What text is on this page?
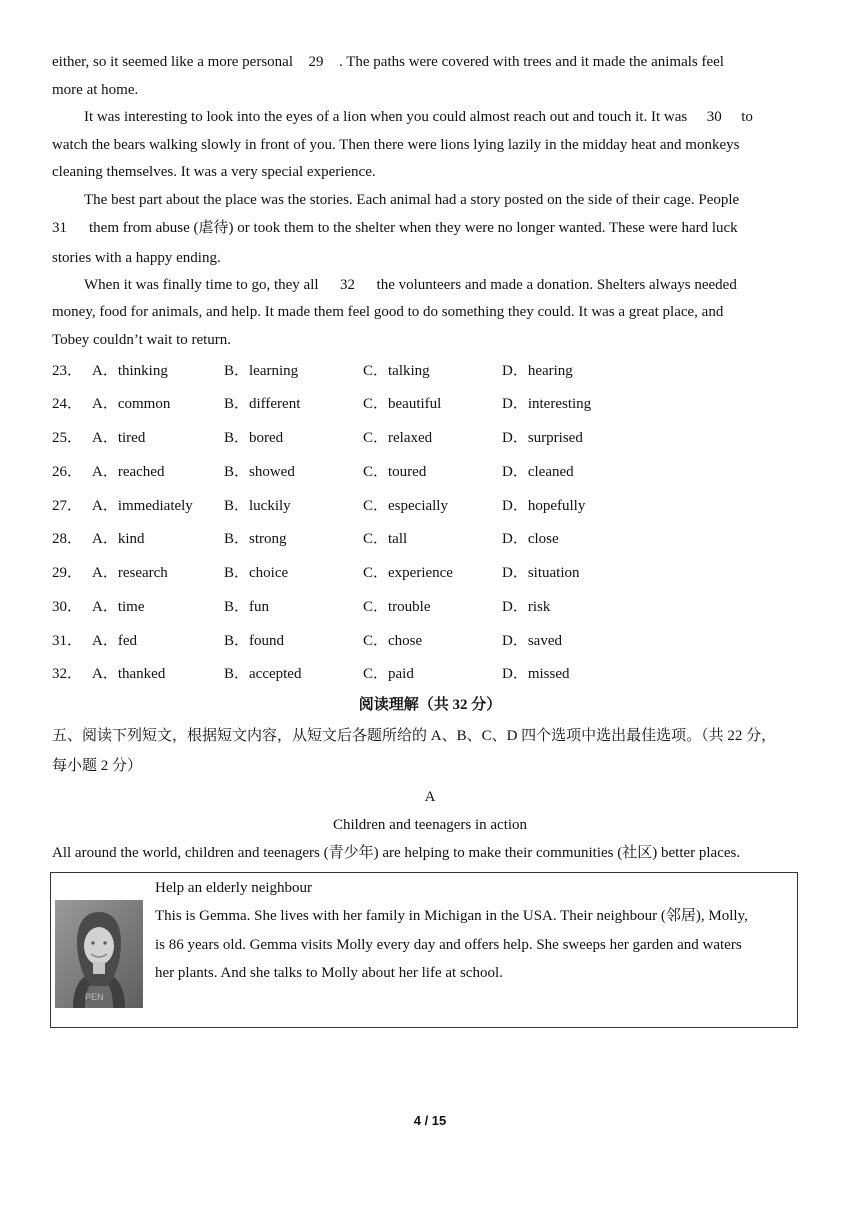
either, so it seemed like a more personal 29 . The paths were covered with trees and it made the animals feel
more at home.
It was interesting to look into the eyes of a lion when you could almost reach out and touch it. It was 30 to
watch the bears walking slowly in front of you. Then there were lions lying lazily in the midday heat and monkeys
cleaning themselves. It was a very special experience.
The best part about the place was the stories. Each animal had a story posted on the side of their cage. People
31 them from abuse (虐待) or took them to the shelter when they were no longer wanted. These were hard luck
stories with a happy ending.
When it was finally time to go, they all 32 the volunteers and made a donation. Shelters always needed
money, food for animals, and help. It made them feel good to do something they could. It was a great place, and
Tobey couldn’t wait to return.
23． A．thinking	B．learning	C．talking	D．hearing
24． A．common	B．different	C．beautiful	D．interesting
25． A．tired	B．bored	C．relaxed	D．surprised
26． A．reached	B．showed	C．toured	D．cleaned
27． A．immediately B．luckily	C．especially	D．hopefully
28． A．kind	B．strong	C．tall	D．close
29． A．research	B．choice	C．experience	D．situation
30． A．time	B．fun	C．trouble	D．risk
31． A．fed	B．found	C．chose	D．saved
32． A．thanked	B．accepted	C．paid	D．missed
阅读理解（共 32 分）
五、阅读下列短文，根据短文内容，从短文后各题所给的 A、B、C、D 四个选项中选出最佳选项。（共 22 分，
每小题 2 分）
A
Children and teenagers in action
All around the world, children and teenagers (青少年) are helping to make their communities (社区) better places.
PEN
Help an elderly neighbour
This is Gemma. She lives with her family in Michigan in the USA. Their neighbour (邻居), Molly,
is 86 years old. Gemma visits Molly every day and offers help. She sweeps her garden and waters
her plants. And she talks to Molly about her life at school.
4 / 15
